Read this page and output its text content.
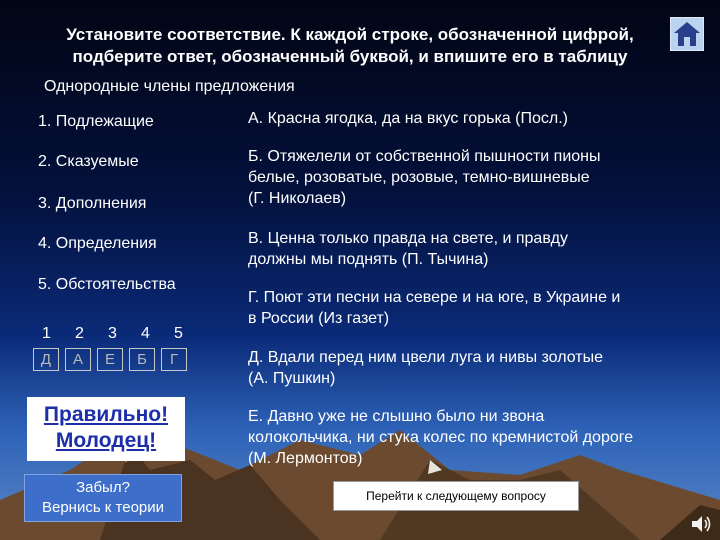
Установите соответствие. К каждой строке, обозначенной цифрой,
подберите ответ, обозначенный буквой, и впишите его в таблицу
Однородные члены предложения
1. Подлежащие
2. Сказуемые
3. Дополнения
4. Определения
5. Обстоятельства
А. Красна ягодка, да на вкус горька (Посл.)
Б. Отяжелели от собственной пышности пионы
белые, розоватые, розовые, темно-вишневые
(Г. Николаев)
В. Ценна только правда на свете, и правду
должны мы поднять (П. Тычина)
Г. Поют эти песни на севере и на юге, в Украине и
в России (Из газет)
Д. Вдали перед ним цвели луга и нивы золотые
(А. Пушкин)
Е. Давно уже не слышно было ни звона
колокольчика, ни стука колес по кремнистой дороге
(М. Лермонтов)
1	2	3	4	5
Д	А	Е	Б	Г
Правильно!
Молодец!
Забыл?
Вернись к теории
Перейти к следующему вопросу
